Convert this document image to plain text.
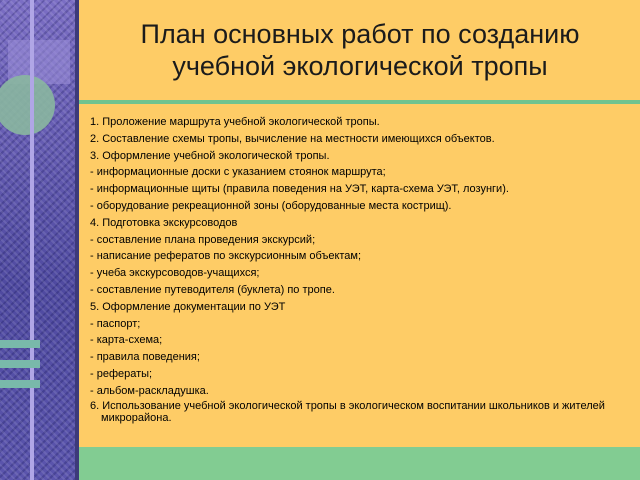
План основных работ по созданию
учебной экологической тропы
1. Проложение маршрута учебной экологической тропы.
2. Составление схемы тропы, вычисление на местности имеющихся объектов.
3. Оформление учебной экологической тропы.
- информационные доски с указанием стоянок маршрута;
- информационные щиты (правила поведения на УЭТ, карта-схема УЭТ, лозунги).
- оборудование рекреационной зоны (оборудованные места кострищ).
4. Подготовка экскурсоводов
- составление плана проведения экскурсий;
- написание рефератов по экскурсионным объектам;
- учеба экскурсоводов-учащихся;
- составление путеводителя (буклета) по тропе.
5. Оформление документации по УЭТ
- паспорт;
- карта-схема;
- правила поведения;
- рефераты;
- альбом-раскладушка.
6. Использование учебной экологической тропы в экологическом воспитании школьников и жителей микрорайона.
